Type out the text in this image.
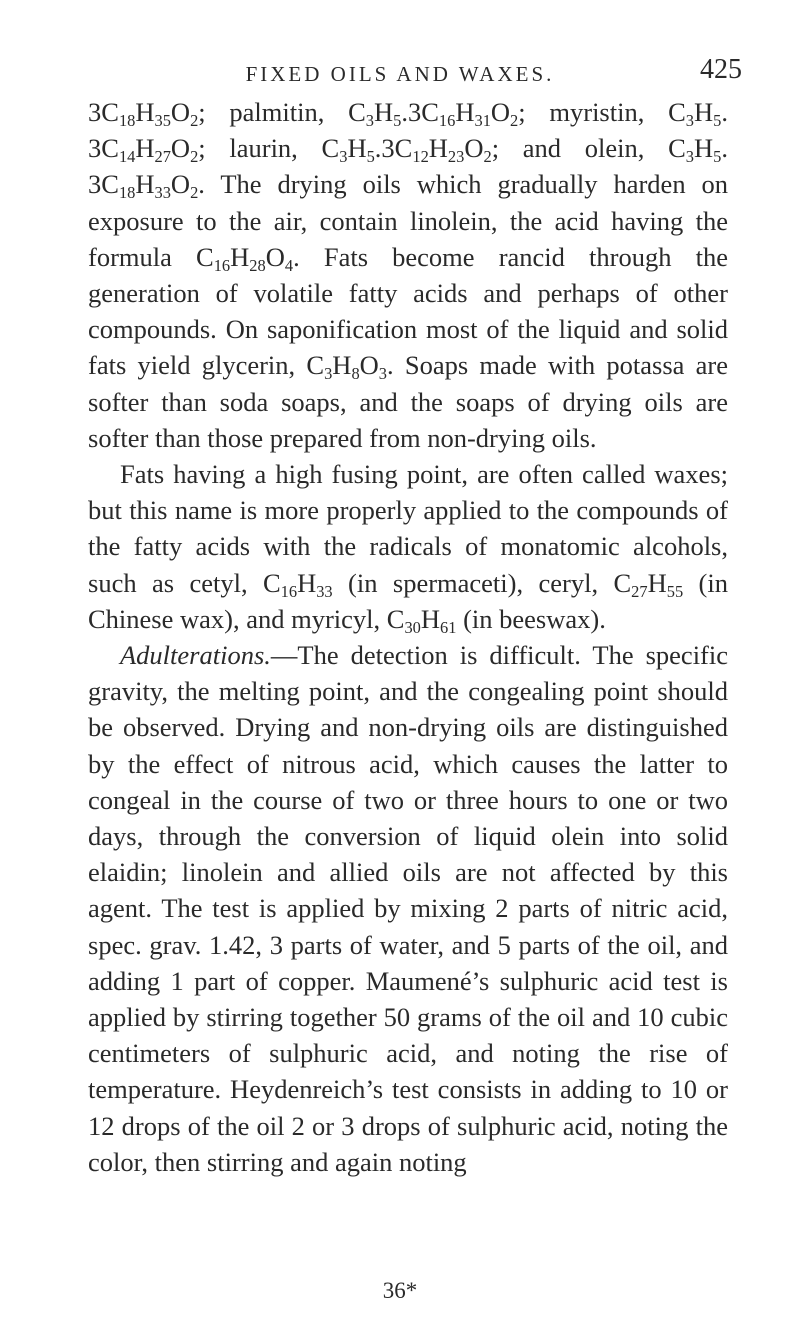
FIXED OILS AND WAXES.	425

$3C_{18}H_{35}O_2$; palmitin, $C_3H_5.3C_{16}H_{31}O_2$; myristin, $C_3H_5$. $3C_{14}H_{27}O_2$; laurin, $C_3H_5.3C_{12}H_{23}O_2$; and olein, $C_3H_5$. $3C_{18}H_{33}O_2$. The drying oils which gradually harden on exposure to the air, contain linolein, the acid having the formula $C_{16}H_{28}O_4$. Fats become rancid through the generation of volatile fatty acids and perhaps of other compounds. On saponification most of the liquid and solid fats yield glycerin, $C_3H_8O_3$. Soaps made with potassa are softer than soda soaps, and the soaps of drying oils are softer than those prepared from non-drying oils.

Fats having a high fusing point, are often called waxes; but this name is more properly applied to the compounds of the fatty acids with the radicals of monatomic alcohols, such as cetyl, $C_{16}H_{33}$ (in spermaceti), ceryl, $C_{27}H_{55}$ (in Chinese wax), and myricyl, $C_{30}H_{61}$ (in beeswax).

Adulterations.—The detection is difficult. The specific gravity, the melting point, and the congealing point should be observed. Drying and non-drying oils are distinguished by the effect of nitrous acid, which causes the latter to congeal in the course of two or three hours to one or two days, through the conversion of liquid olein into solid elaidin; linolein and allied oils are not affected by this agent. The test is applied by mixing 2 parts of nitric acid, spec. grav. 1.42, 3 parts of water, and 5 parts of the oil, and adding 1 part of copper. Maumené’s sulphuric acid test is applied by stirring together 50 grams of the oil and 10 cubic centimeters of sulphuric acid, and noting the rise of temperature. Heydenreich’s test consists in adding to 10 or 12 drops of the oil 2 or 3 drops of sulphuric acid, noting the color, then stirring and again noting

36*
